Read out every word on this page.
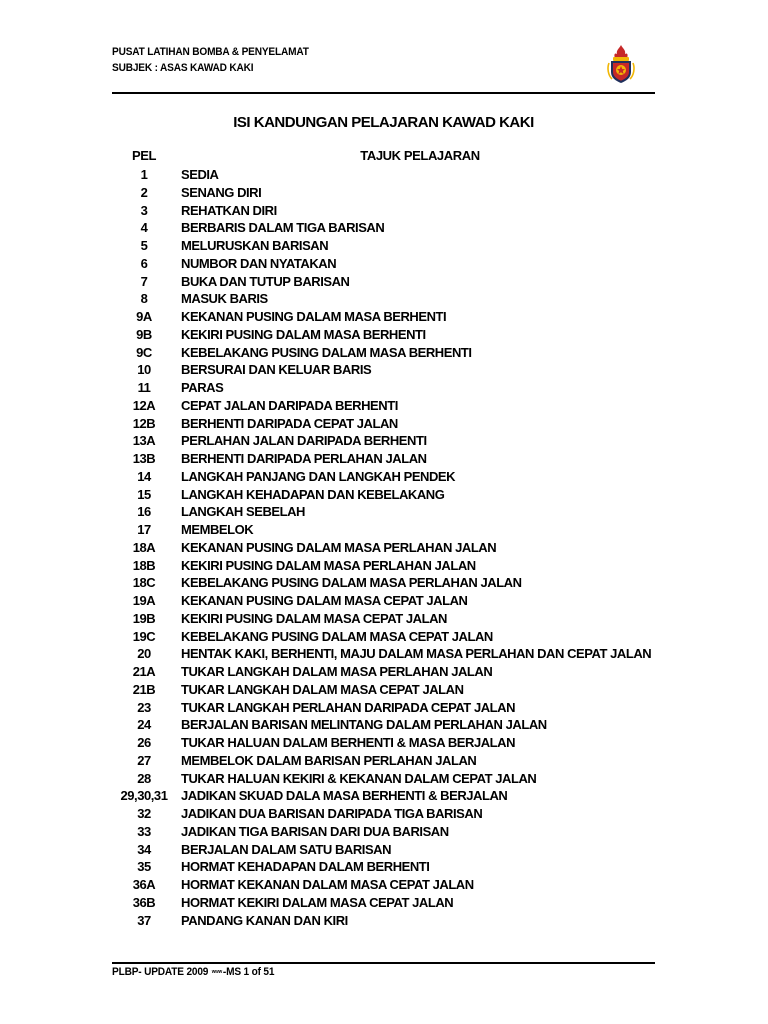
PUSAT LATIHAN BOMBA & PENYELAMAT
SUBJEK : ASAS KAWAD KAKI
ISI KANDUNGAN PELAJARAN KAWAD KAKI
PEL	TAJUK PELAJARAN
1	SEDIA
2	SENANG DIRI
3	REHATKAN DIRI
4	BERBARIS DALAM TIGA BARISAN
5	MELURUSKAN BARISAN
6	NUMBOR DAN NYATAKAN
7	BUKA DAN TUTUP BARISAN
8	MASUK BARIS
9A KEKANAN PUSING DALAM MASA BERHENTI
9B KEKIRI PUSING DALAM MASA BERHENTI
9C KEBELAKANG PUSING DALAM MASA BERHENTI
10 BERSURAI DAN KELUAR BARIS
11 PARAS
12A CEPAT JALAN DARIPADA BERHENTI
12B BERHENTI DARIPADA CEPAT JALAN
13A PERLAHAN JALAN DARIPADA BERHENTI
13B BERHENTI DARIPADA PERLAHAN JALAN
14 LANGKAH PANJANG DAN LANGKAH PENDEK
15 LANGKAH KEHADAPAN DAN KEBELAKANG
16 LANGKAH SEBELAH
17 MEMBELOK
18A KEKANAN PUSING DALAM MASA PERLAHAN JALAN
18B KEKIRI PUSING DALAM MASA PERLAHAN JALAN
18C KEBELAKANG PUSING DALAM MASA PERLAHAN JALAN
19A KEKANAN PUSING DALAM MASA CEPAT JALAN
19B KEKIRI PUSING DALAM MASA CEPAT JALAN
19C KEBELAKANG PUSING DALAM MASA CEPAT JALAN
20 HENTAK KAKI, BERHENTI, MAJU DALAM MASA PERLAHAN DAN CEPAT JALAN
21A TUKAR LANGKAH DALAM MASA PERLAHAN JALAN
21B TUKAR LANGKAH DALAM MASA CEPAT JALAN
23 TUKAR LANGKAH PERLAHAN DARIPADA CEPAT JALAN
24 BERJALAN BARISAN MELINTANG DALAM PERLAHAN JALAN
26 TUKAR HALUAN DALAM BERHENTI & MASA BERJALAN
27 MEMBELOK DALAM BARISAN PERLAHAN JALAN
28 TUKAR HALUAN KEKIRI & KEKANAN DALAM CEPAT JALAN
29,30,31 JADIKAN SKUAD DALA MASA BERHENTI & BERJALAN
32 JADIKAN DUA BARISAN DARIPADA TIGA BARISAN
33 JADIKAN TIGA BARISAN DARI DUA BARISAN
34 BERJALAN DALAM SATU BARISAN
35 HORMAT KEHADAPAN DALAM BERHENTI
36A HORMAT KEKANAN DALAM MASA CEPAT JALAN
36B HORMAT KEKIRI DALAM MASA CEPAT JALAN
37 PANDANG KANAN DAN KIRI
PLBP- UPDATE 2009 www-MS 1 of 51
